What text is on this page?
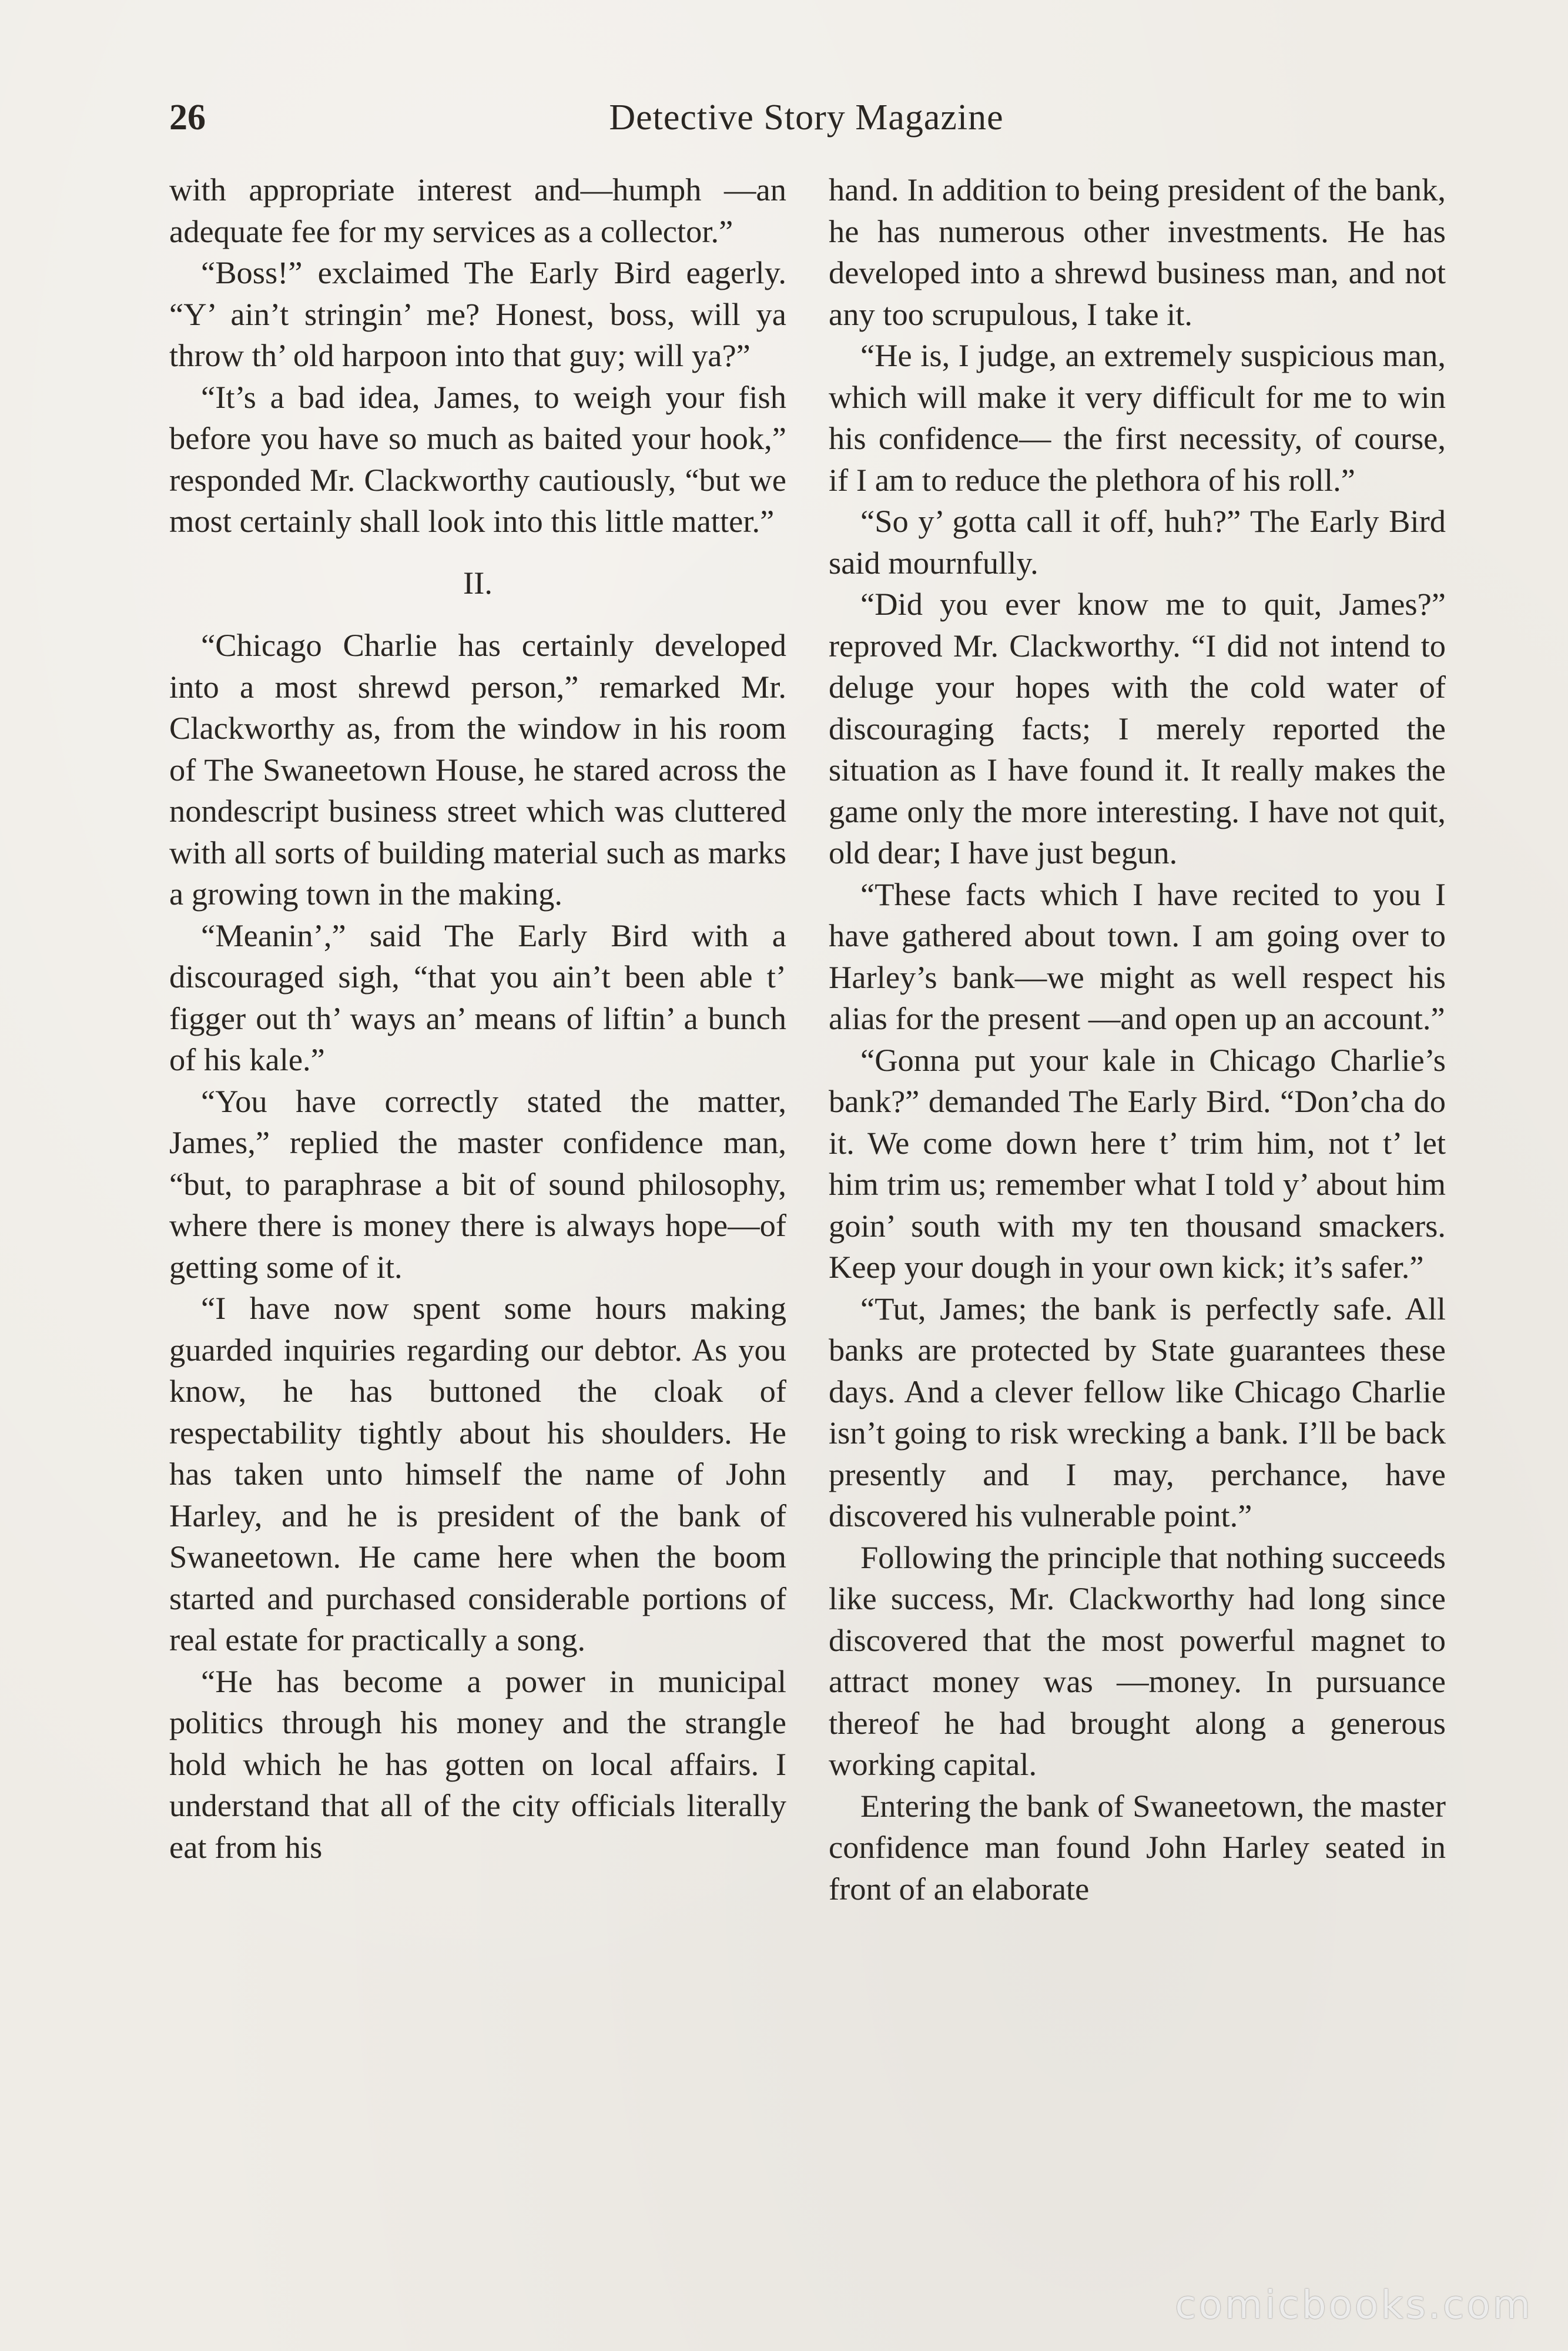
26	Detective Story Magazine

with appropriate interest and—humph —an adequate fee for my services as a collector.”

“Boss!” exclaimed The Early Bird eagerly. “Y’ ain’t stringin’ me? Honest, boss, will ya throw th’ old harpoon into that guy; will ya?”

“It’s a bad idea, James, to weigh your fish before you have so much as baited your hook,” responded Mr. Clackworthy cautiously, “but we most certainly shall look into this little matter.”

II.

“Chicago Charlie has certainly developed into a most shrewd person,” remarked Mr. Clackworthy as, from the window in his room of The Swaneetown House, he stared across the nondescript business street which was cluttered with all sorts of building material such as marks a growing town in the making.

“Meanin’,” said The Early Bird with a discouraged sigh, “that you ain’t been able t’ figger out th’ ways an’ means of liftin’ a bunch of his kale.”

“You have correctly stated the matter, James,” replied the master confidence man, “but, to paraphrase a bit of sound philosophy, where there is money there is always hope—of getting some of it.

“I have now spent some hours making guarded inquiries regarding our debtor. As you know, he has buttoned the cloak of respectability tightly about his shoulders. He has taken unto himself the name of John Harley, and he is president of the bank of Swaneetown. He came here when the boom started and purchased considerable portions of real estate for practically a song.

“He has become a power in municipal politics through his money and the strangle hold which he has gotten on local affairs. I understand that all of the city officials literally eat from his

hand. In addition to being president of the bank, he has numerous other investments. He has developed into a shrewd business man, and not any too scrupulous, I take it.

“He is, I judge, an extremely suspicious man, which will make it very difficult for me to win his confidence— the first necessity, of course, if I am to reduce the plethora of his roll.”

“So y’ gotta call it off, huh?” The Early Bird said mournfully.

“Did you ever know me to quit, James?” reproved Mr. Clackworthy. “I did not intend to deluge your hopes with the cold water of discouraging facts; I merely reported the situation as I have found it. It really makes the game only the more interesting. I have not quit, old dear; I have just begun.

“These facts which I have recited to you I have gathered about town. I am going over to Harley’s bank—we might as well respect his alias for the present —and open up an account.”

“Gonna put your kale in Chicago Charlie’s bank?” demanded The Early Bird. “Don’cha do it. We come down here t’ trim him, not t’ let him trim us; remember what I told y’ about him goin’ south with my ten thousand smackers. Keep your dough in your own kick; it’s safer.”

“Tut, James; the bank is perfectly safe. All banks are protected by State guarantees these days. And a clever fellow like Chicago Charlie isn’t going to risk wrecking a bank. I’ll be back presently and I may, perchance, have discovered his vulnerable point.”

Following the principle that nothing succeeds like success, Mr. Clackworthy had long since discovered that the most powerful magnet to attract money was —money. In pursuance thereof he had brought along a generous working capital.

Entering the bank of Swaneetown, the master confidence man found John Harley seated in front of an elaborate

comicbooks.com
